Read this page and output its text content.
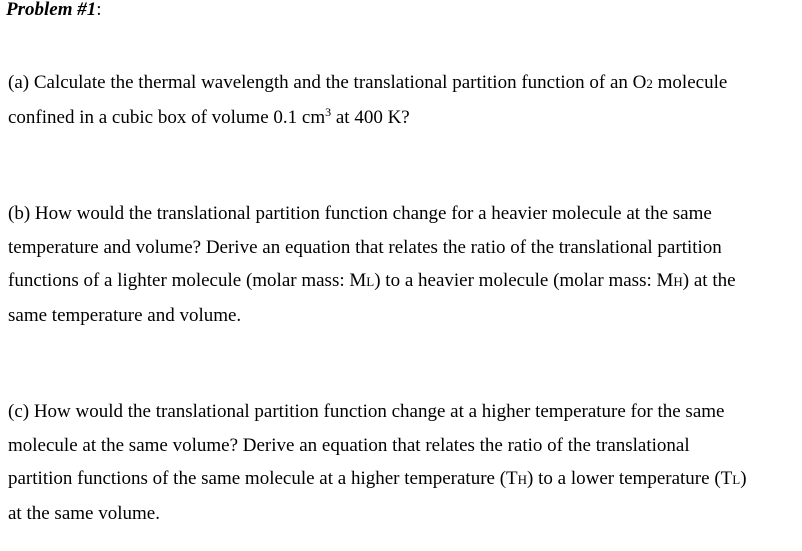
Problem #1:

(a) Calculate the thermal wavelength and the translational partition function of an O2 molecule
confined in a cubic box of volume 0.1 $cm^3$ at 400 K?

(b) How would the translational partition function change for a heavier molecule at the same
temperature and volume? Derive an equation that relates the ratio of the translational partition
functions of a lighter molecule (molar mass: ML) to a heavier molecule (molar mass: MH) at the
same temperature and volume.

(c) How would the translational partition function change at a higher temperature for the same
molecule at the same volume? Derive an equation that relates the ratio of the translational
partition functions of the same molecule at a higher temperature (TH) to a lower temperature (TL)
at the same volume.
